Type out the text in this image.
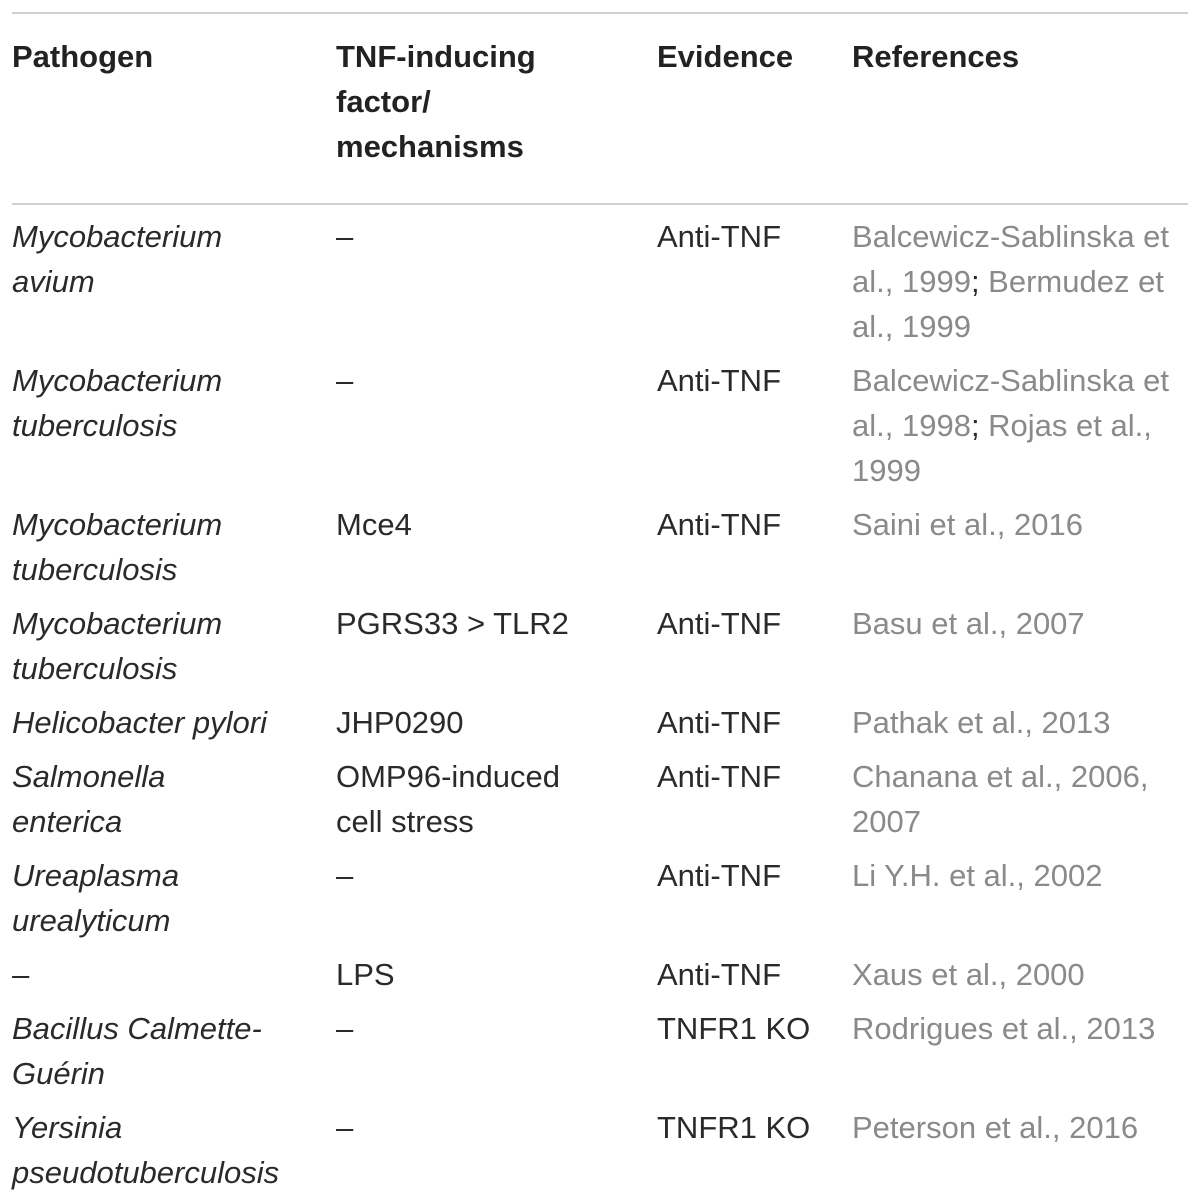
Pathogen	TNF-inducing factor/ mechanisms	Evidence	References

Mycobacterium avium	–	Anti-TNF	Balcewicz-Sablinska et al., 1999; Bermudez et al., 1999

Mycobacterium tuberculosis	–	Anti-TNF	Balcewicz-Sablinska et al., 1998; Rojas et al., 1999

Mycobacterium tuberculosis	Mce4	Anti-TNF	Saini et al., 2016

Mycobacterium tuberculosis	PGRS33 > TLR2	Anti-TNF	Basu et al., 2007

Helicobacter pylori	JHP0290	Anti-TNF	Pathak et al., 2013

Salmonella enterica	OMP96-induced cell stress	Anti-TNF	Chanana et al., 2006, 2007

Ureaplasma urealyticum	–	Anti-TNF	Li Y.H. et al., 2002

–	LPS	Anti-TNF	Xaus et al., 2000

Bacillus Calmette-Guérin	–	TNFR1 KO	Rodrigues et al., 2013

Yersinia pseudotuberculosis	–	TNFR1 KO	Peterson et al., 2016
